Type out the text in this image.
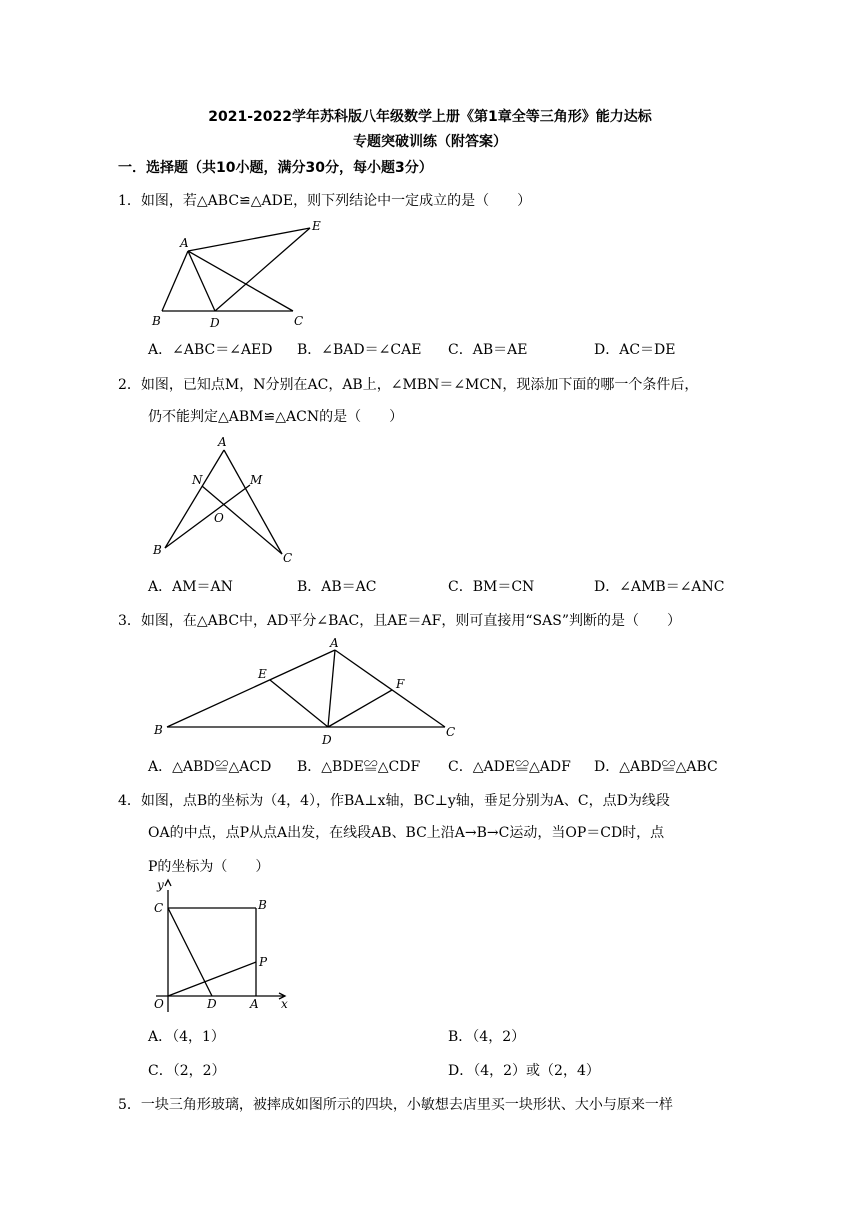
2021-2022学年苏科版八年级数学上册《第1章全等三角形》能力达标
专题突破训练（附答案）
一．选择题（共10小题，满分30分，每小题3分）
1．如图，若△ABC≌△ADE，则下列结论中一定成立的是（　　）
A
E
B	D	C
A．∠ABC＝∠AED B．∠BAD＝∠CAE C．AB＝AE	D．AC＝DE
2．如图，已知点M，N分别在AC，AB上，∠MBN＝∠MCN，现添加下面的哪一个条件后，
仍不能判定△ABM≌△ACN的是（　　）
A
N	M
O
B
C
A．AM＝AN	B．AB＝AC	C．BM＝CN	D．∠AMB＝∠ANC
3．如图，在△ABC中，AD平分∠BAC，且AE＝AF，则可直接用“SAS”判断的是（　　）
A
E
F
B
D
C
A．△ABD≌△ACD B．△BDE≌△CDF C．△ADE≌△ADF D．△ABD≌△ABC
4．如图，点B的坐标为（4，4），作BA⊥x轴，BC⊥y轴，垂足分别为A、C，点D为线段
OA的中点，点P从点A出发，在线段AB、BC上沿A→B→C运动，当OP＝CD时，点
P的坐标为（　　）
y
C	B
P
O	D	A x
A．（4，1）	B．（4，2）
C．（2，2）	D．（4，2）或（2，4）
5．一块三角形玻璃，被摔成如图所示的四块，小敏想去店里买一块形状、大小与原来一样
